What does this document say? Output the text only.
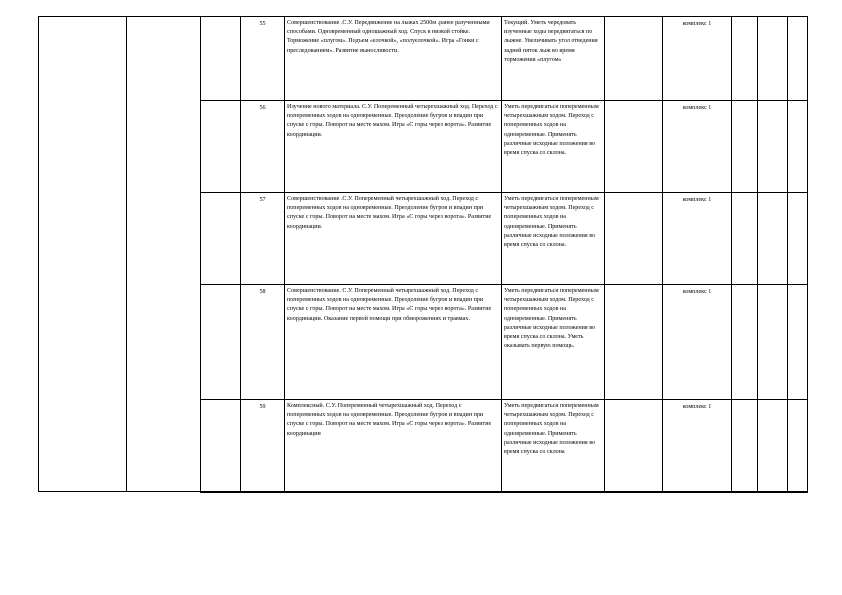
			55	Совершенствование .С.У. Передвижение на лыжах 2500м .ранее разученными способами. Одновременный одношажный ход. Спуск в низкой стойке. Торможение «плугом». Подъем «елочкой», «полуелочкой». Игра «Гонки с преследованием». Развитие выносливости.	Текущий. Уметь чередовать изученные ходы передвигаться по лыжне. Увеличивать угол отведения задней пяток лыж во время торможения «плугом»		комплекс 1			
			56	Изучение нового материала. С.У. Попеременный четырехшажный ход. Переход с попеременных ходов на одновременные. Преодоление бугров и впадин при спуске с горы. Поворот на месте махом. Игра «С горы через ворота». Развитие координации.	Уметь передвигаться попеременным четырехшажным ходом. Переход с попеременных ходов на одновременные. Применять различные исходные положения во время спуска со склона.		комплекс 1			
			57	Совершенствование .С.У. Попеременный четырехшажный ход. Переход с попеременных ходов на одновременные. Преодоление бугров и впадин при спуске с горы. Поворот на месте махом. Игра «С горы через ворота». Развитие координации.	Уметь передвигаться попеременным четырехшажным ходом. Переход с попеременных ходов на одновременные. Применять различные исходные положения во время спуска со склона.		комплекс 1			
			58	Совершенствование. С.У. Попеременный четырехшажный ход. Переход с попеременных ходов на одновременные. Преодоление бугров и впадин при спуске с горы. Поворот на месте махом. Игра «С горы через ворота». Развитие координации. Оказание первой помощи при обморожениях и травмах.	Уметь передвигаться попеременным четырехшажным ходом. Переход с попеременных ходов на одновременные. Применять различные исходные положения во время спуска со склона. Уметь оказывать первую помощь.		комплекс 1			
			59	Комплексный. С.У. Попеременный четырехшажный ход. Переход с попеременных ходов на одновременные. Преодоление бугров и впадин при спуске с горы. Поворот на месте махом. Игра «С горы через ворота». Развитие координации	Уметь передвигаться попеременным четырехшажным ходом. Переход с попеременных ходов на одновременные. Применять различные исходные положения во время спуска со склона		комплекс 1			
